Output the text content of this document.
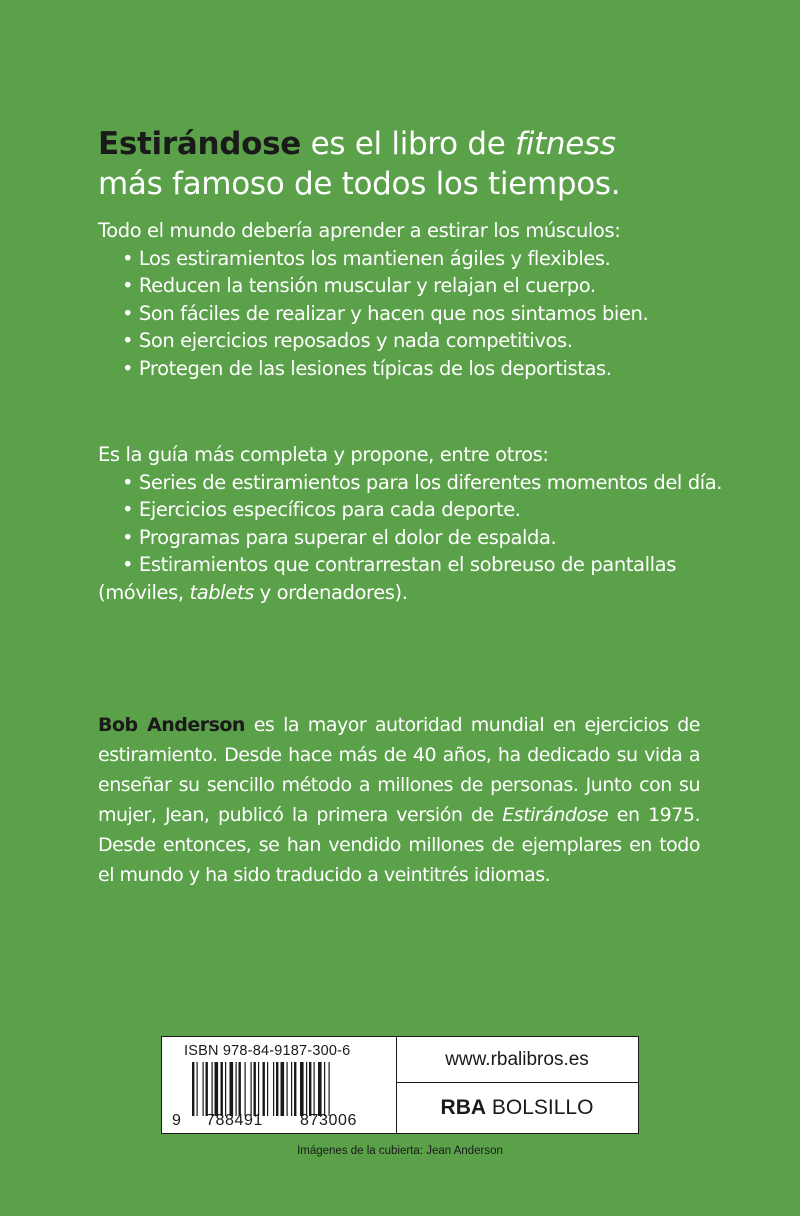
Estirándose es el libro de fitness
más famoso de todos los tiempos.
Todo el mundo debería aprender a estirar los músculos:
• Los estiramientos los mantienen ágiles y flexibles.
• Reducen la tensión muscular y relajan el cuerpo.
• Son fáciles de realizar y hacen que nos sintamos bien.
• Son ejercicios reposados y nada competitivos.
• Protegen de las lesiones típicas de los deportistas.
Es la guía más completa y propone, entre otros:
• Series de estiramientos para los diferentes momentos del día.
• Ejercicios específicos para cada deporte.
• Programas para superar el dolor de espalda.
• Estiramientos que contrarrestan el sobreuso de pantallas
(móviles, tablets y ordenadores).
Bob Anderson es la mayor autoridad mundial en ejercicios de estiramiento. Desde hace más de 40 años, ha dedicado su vida a enseñar su sencillo método a millones de personas. Junto con su mujer, Jean, publicó la primera versión de Estirándose en 1975. Desde entonces, se han vendido millones de ejemplares en todo el mundo y ha sido traducido a veintitrés idiomas.
ISBN 978-84-9187-300-6
9 788491 873006
www.rbalibros.es
RBA BOLSILLO
Imágenes de la cubierta: Jean Anderson
